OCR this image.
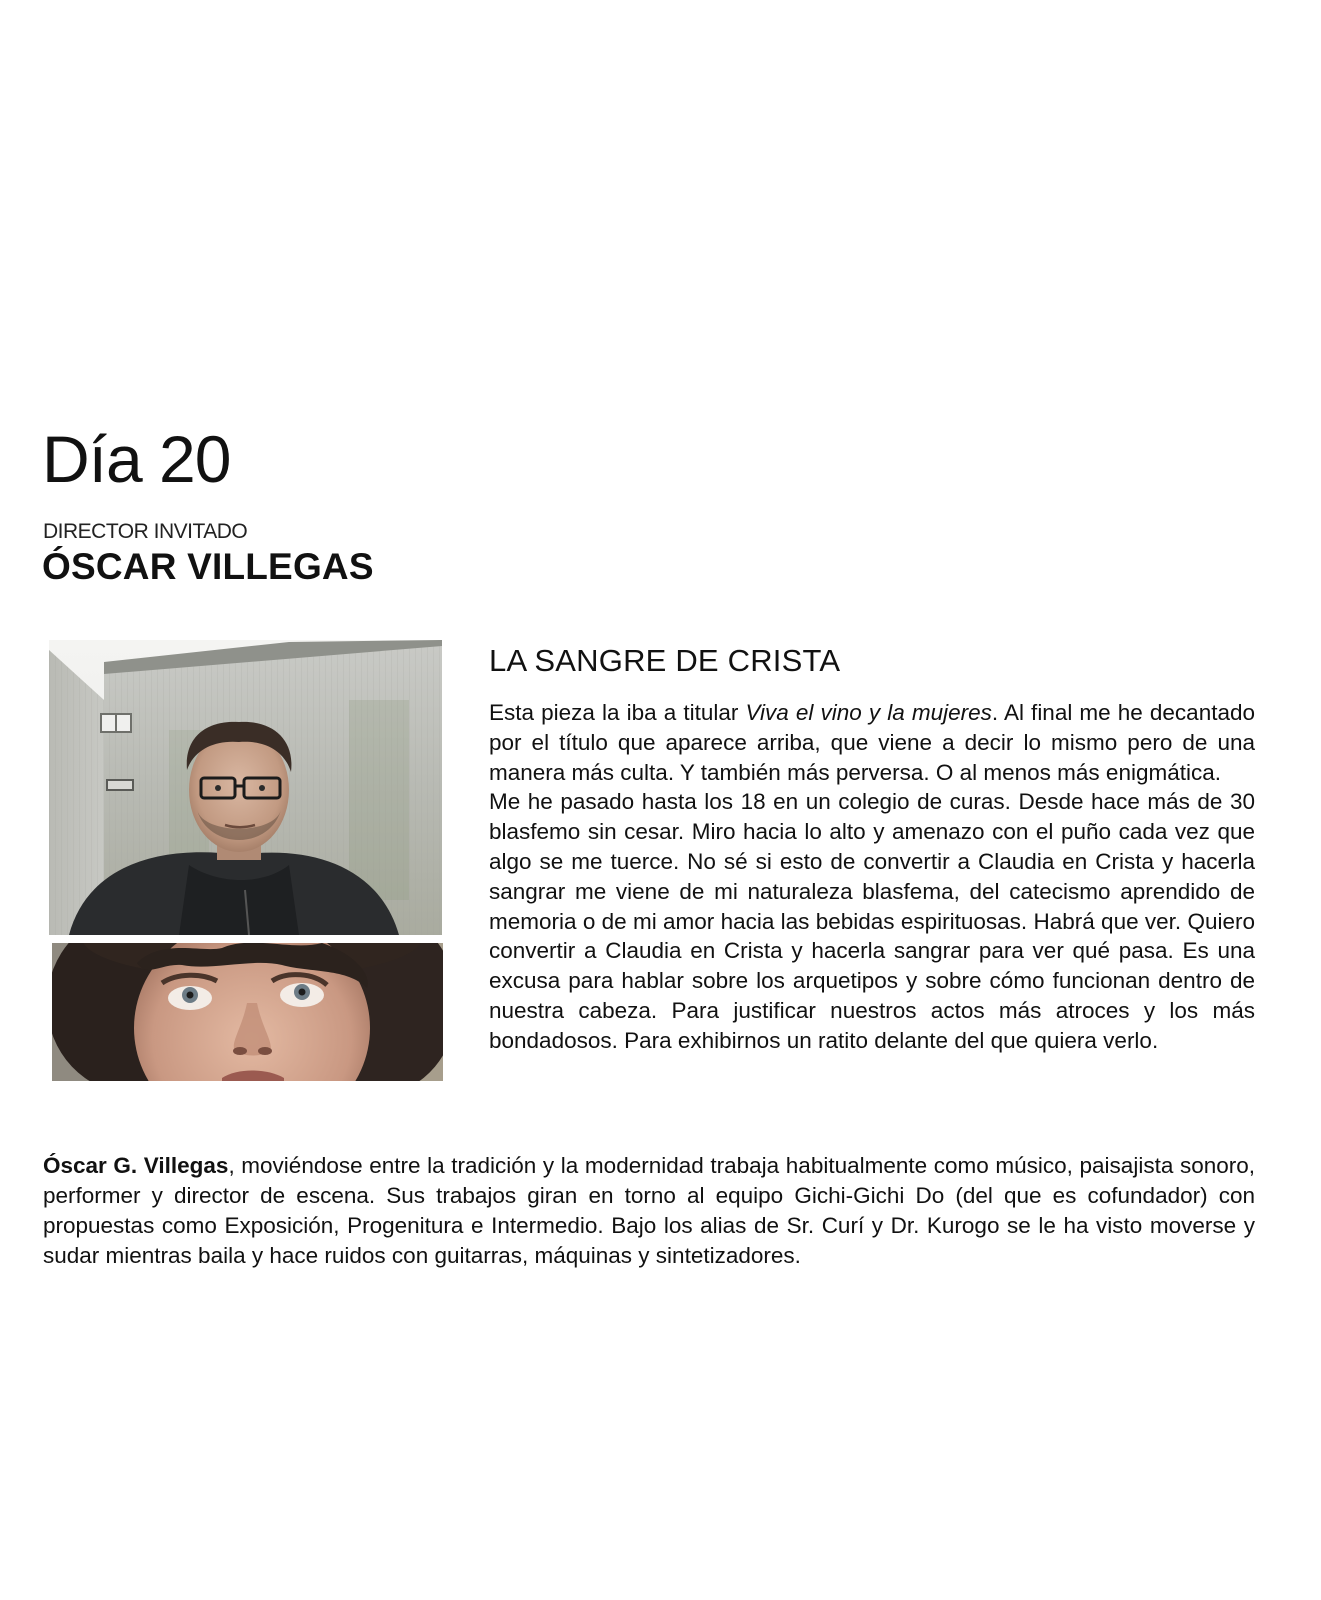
Día 20
DIRECTOR INVITADO
ÓSCAR VILLEGAS
LA SANGRE DE CRISTA

Esta pieza la iba a titular Viva el vino y la mujeres. Al final me he decantado por el título que aparece arriba, que viene a decir lo mismo pero de una manera más culta. Y también más perversa. O al menos más enigmática.

Me he pasado hasta los 18 en un colegio de curas. Desde hace más de 30 blasfemo sin cesar. Miro hacia lo alto y amenazo con el puño cada vez que algo se me tuerce. No sé si esto de convertir a Claudia en Crista y hacerla sangrar me viene de mi naturaleza blasfema, del catecismo aprendido de memoria o de mi amor hacia las bebidas espirituosas. Habrá que ver. Quiero convertir a Claudia en Crista y hacerla sangrar para ver qué pasa. Es una excusa para hablar sobre los arquetipos y sobre cómo funcionan dentro de nuestra cabeza. Para justificar nuestros actos más atroces y los más bondadosos. Para exhibirnos un ratito delante del que quiera verlo.

Óscar G. Villegas, moviéndose entre la tradición y la modernidad trabaja habitualmente como músico, paisajista sonoro, performer y director de escena. Sus trabajos giran en torno al equipo Gichi-Gichi Do (del que es cofundador) con propuestas como Exposición, Progenitura e Intermedio. Bajo los alias de Sr. Curí y Dr. Kurogo se le ha visto moverse y sudar mientras baila y hace ruidos con guitarras, máquinas y sintetizadores.
